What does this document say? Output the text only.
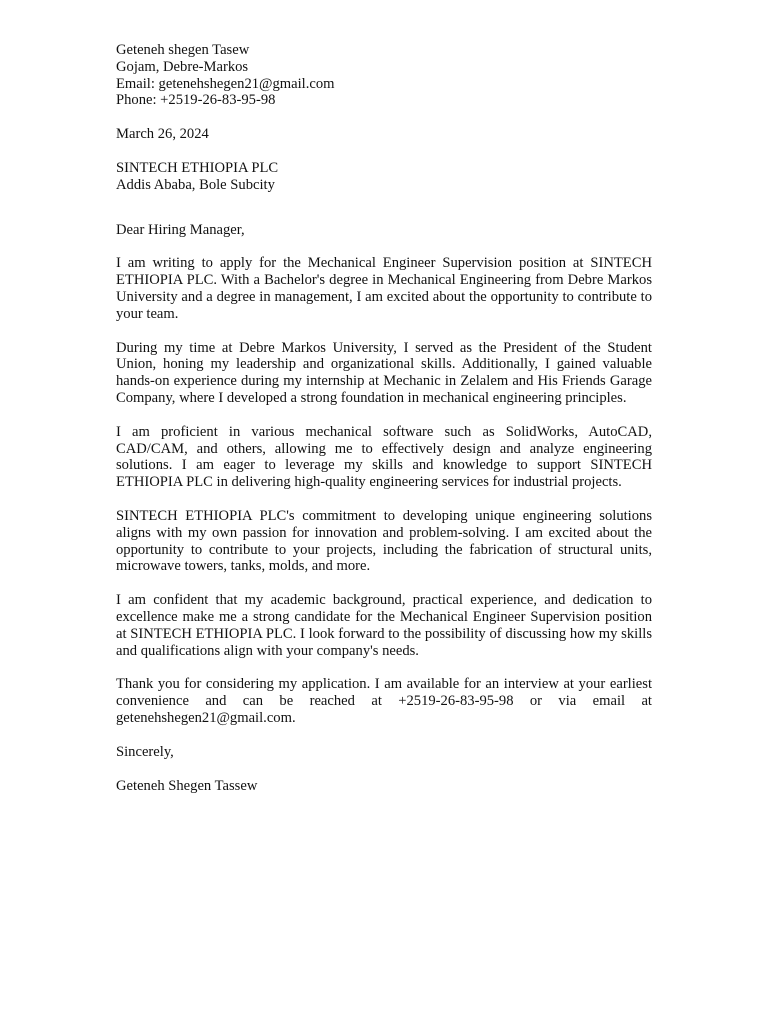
Geteneh shegen Tasew
Gojam, Debre-Markos
Email: getenehshegen21@gmail.com
Phone: +2519-26-83-95-98
March 26, 2024
SINTECH ETHIOPIA PLC
Addis Ababa, Bole Subcity
Dear Hiring Manager,

I am writing to apply for the Mechanical Engineer Supervision position at SINTECH ETHIOPIA PLC. With a Bachelor's degree in Mechanical Engineering from Debre Markos University and a degree in management, I am excited about the opportunity to contribute to your team.

During my time at Debre Markos University, I served as the President of the Student Union, honing my leadership and organizational skills. Additionally, I gained valuable hands-on experience during my internship at Mechanic in Zelalem and His Friends Garage Company, where I developed a strong foundation in mechanical engineering principles.

I am proficient in various mechanical software such as SolidWorks, AutoCAD, CAD/CAM, and others, allowing me to effectively design and analyze engineering solutions. I am eager to leverage my skills and knowledge to support SINTECH ETHIOPIA PLC in delivering high-quality engineering services for industrial projects.

SINTECH ETHIOPIA PLC's commitment to developing unique engineering solutions aligns with my own passion for innovation and problem-solving. I am excited about the opportunity to contribute to your projects, including the fabrication of structural units, microwave towers, tanks, molds, and more.

I am confident that my academic background, practical experience, and dedication to excellence make me a strong candidate for the Mechanical Engineer Supervision position at SINTECH ETHIOPIA PLC. I look forward to the possibility of discussing how my skills and qualifications align with your company's needs.

Thank you for considering my application. I am available for an interview at your earliest convenience and can be reached at +2519-26-83-95-98 or via email at getenehshegen21@gmail.com.

Sincerely,
Geteneh Shegen Tassew
